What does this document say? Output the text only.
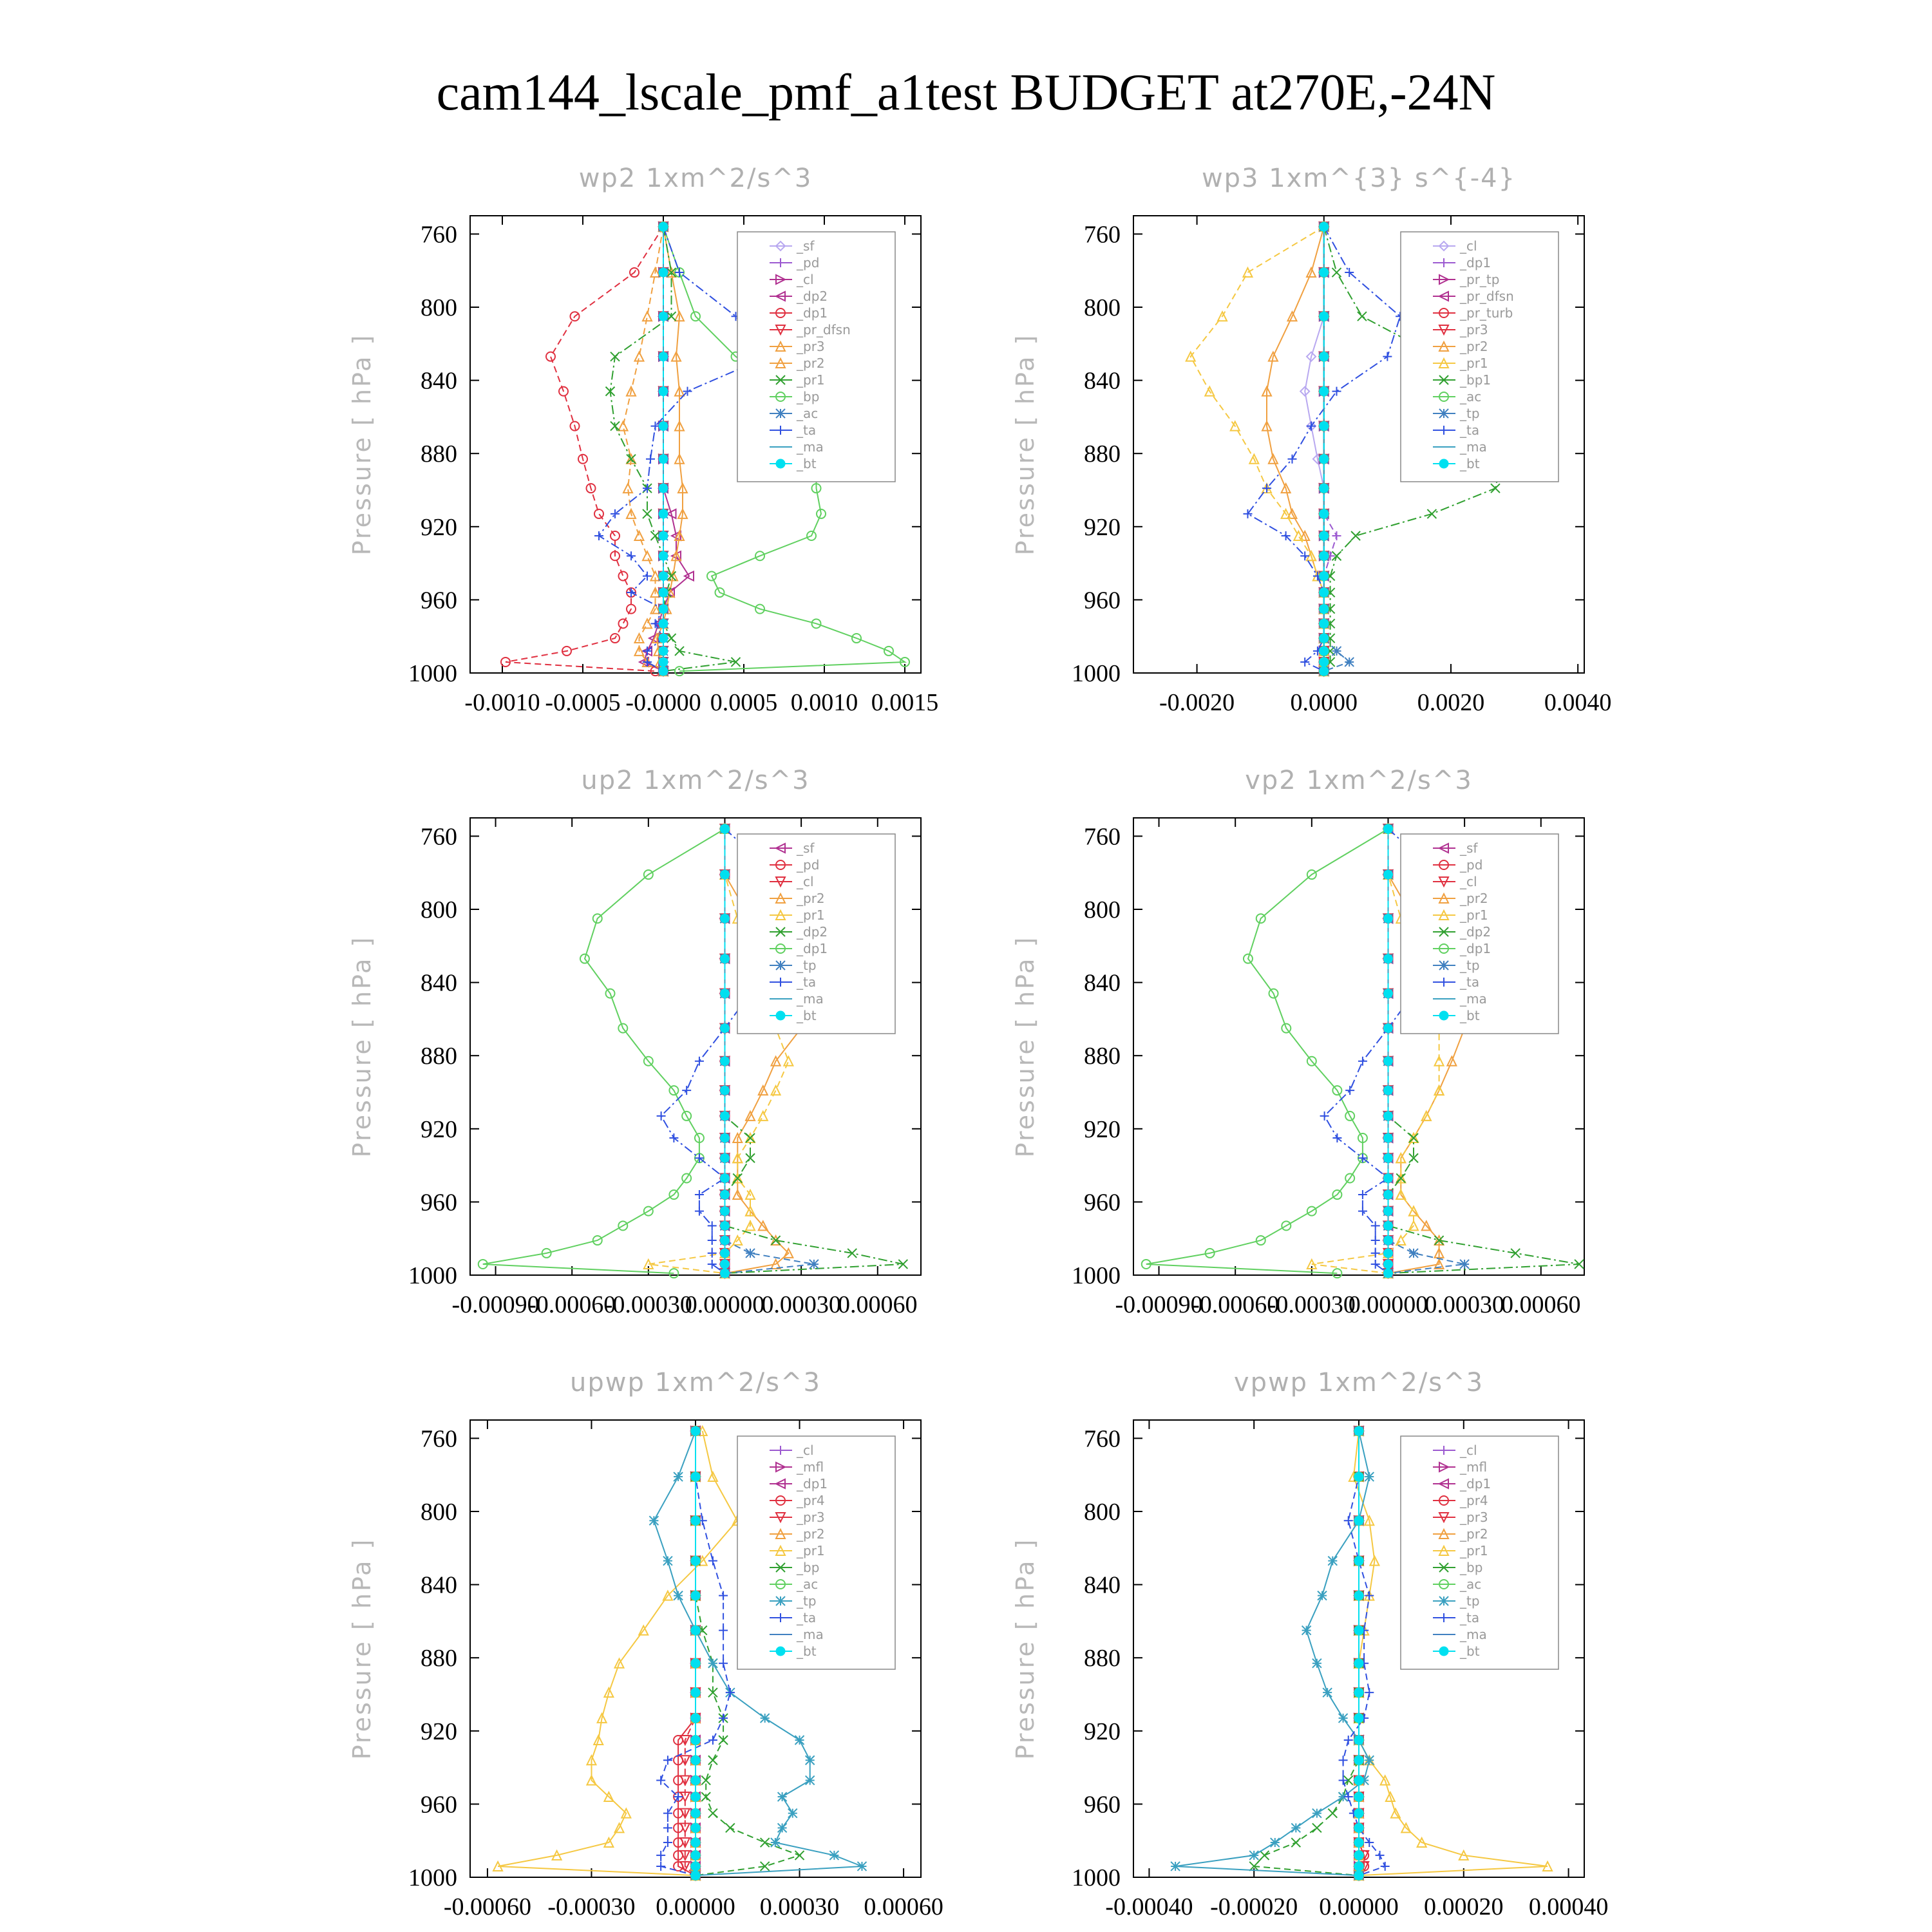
cam144_lscale_pmf_a1test BUDGET at270E,-24N
wp2 1xm^2/s^3
Pressure [ hPa ]
760
800
840
880
920
960
1000
-0.0010 -0.0005 -0.0000 0.0005 0.0010 0.0015
_sf
_pd
_cl
_dp2
_dp1
_pr_dfsn
_pr3
_pr2
_pr1
_bp
_ac
_ta
_ma
_bt
wp3 1xm^{3} s^{-4}
Pressure [ hPa ]
760
800
840
880
920
960
1000
-0.0020 0.0000 0.0020 0.0040
_cl
_dp1
_pr_tp
_pr_dfsn
_pr_turb
_pr3
_pr2
_pr1
_bp1
_ac
_tp
_ta
_ma
_bt
up2 1xm^2/s^3
Pressure [ hPa ]
760
800
840
880
920
960
1000
-0.00090
-0.00060
-0.00030
0.00000
0.00030
0.00060
_sf
_pd
_cl
_pr2
_pr1
_dp2
_dp1
_tp
_ta
_ma
_bt
vp2 1xm^2/s^3
Pressure [ hPa ]
760
800
840
880
920
960
1000
-0.00090
-0.00060
-0.00030
0.00000
0.00030
0.00060
_sf
_pd
_cl
_pr2
_pr1
_dp2
_dp1
_tp
_ta
_ma
_bt
upwp 1xm^2/s^3
Pressure [ hPa ]
760
800
840
880
920
960
1000
-0.00060 -0.00030 0.00000 0.00030 0.00060
_cl
_mfl
_dp1
_pr4
_pr3
_pr2
_pr1
_bp
_ac
_tp
_ta
_ma
_bt
vpwp 1xm^2/s^3
Pressure [ hPa ]
760
800
840
880
920
960
1000
-0.00040 -0.00020 0.00000 0.00020 0.00040
_cl
_mfl
_dp1
_pr4
_pr3
_pr2
_pr1
_bp
_ac
_tp
_ta
_ma
_bt
